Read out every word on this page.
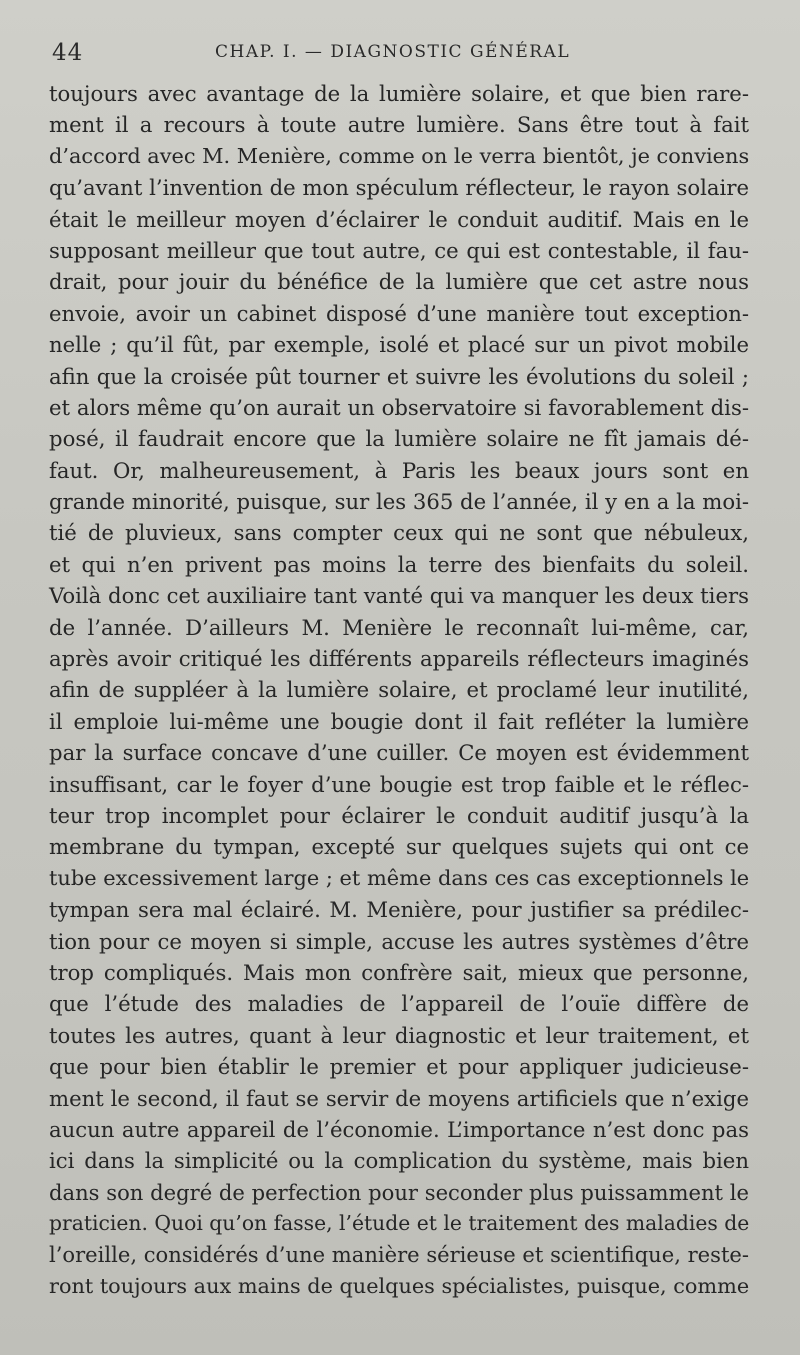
44	CHAP. I. — DIAGNOSTIC GÉNÉRAL
toujours avec avantage de la lumière solaire, et que bien rare-
ment il a recours à toute autre lumière. Sans être tout à fait
d’accord avec M. Menière, comme on le verra bientôt, je conviens
qu’avant l’invention de mon spéculum réflecteur, le rayon solaire
était le meilleur moyen d’éclairer le conduit auditif. Mais en le
supposant meilleur que tout autre, ce qui est contestable, il fau-
drait, pour jouir du bénéfice de la lumière que cet astre nous
envoie, avoir un cabinet disposé d’une manière tout exception-
nelle ; qu’il fût, par exemple, isolé et placé sur un pivot mobile
afin que la croisée pût tourner et suivre les évolutions du soleil ;
et alors même qu’on aurait un observatoire si favorablement dis-
posé, il faudrait encore que la lumière solaire ne fît jamais dé-
faut. Or, malheureusement, à Paris les beaux jours sont en
grande minorité, puisque, sur les 365 de l’année, il y en a la moi-
tié de pluvieux, sans compter ceux qui ne sont que nébuleux,
et qui n’en privent pas moins la terre des bienfaits du soleil.
Voilà donc cet auxiliaire tant vanté qui va manquer les deux tiers
de l’année. D’ailleurs M. Menière le reconnaît lui-même, car,
après avoir critiqué les différents appareils réflecteurs imaginés
afin de suppléer à la lumière solaire, et proclamé leur inutilité,
il emploie lui-même une bougie dont il fait refléter la lumière
par la surface concave d’une cuiller. Ce moyen est évidemment
insuffisant, car le foyer d’une bougie est trop faible et le réflec-
teur trop incomplet pour éclairer le conduit auditif jusqu’à la
membrane du tympan, excepté sur quelques sujets qui ont ce
tube excessivement large ; et même dans ces cas exceptionnels le
tympan sera mal éclairé. M. Menière, pour justifier sa prédilec-
tion pour ce moyen si simple, accuse les autres systèmes d’être
trop compliqués. Mais mon confrère sait, mieux que personne,
que l’étude des maladies de l’appareil de l’ouïe diffère de
toutes les autres, quant à leur diagnostic et leur traitement, et
que pour bien établir le premier et pour appliquer judicieuse-
ment le second, il faut se servir de moyens artificiels que n’exige
aucun autre appareil de l’économie. L’importance n’est donc pas
ici dans la simplicité ou la complication du système, mais bien
dans son degré de perfection pour seconder plus puissamment le
praticien. Quoi qu’on fasse, l’étude et le traitement des maladies de
l’oreille, considérés d’une manière sérieuse et scientifique, reste-
ront toujours aux mains de quelques spécialistes, puisque, comme
